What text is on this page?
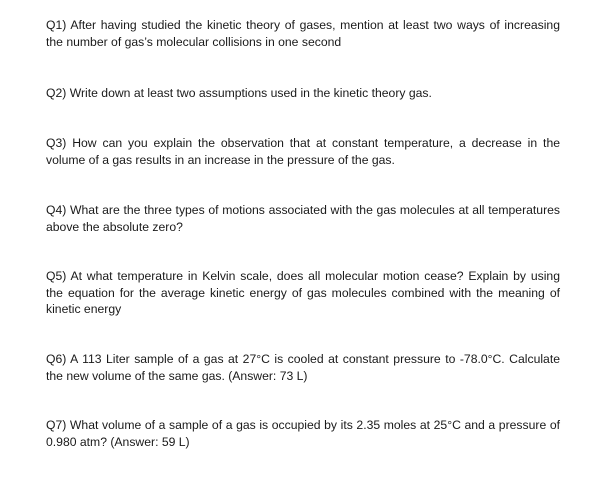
Q1) After having studied the kinetic theory of gases, mention at least two ways of increasing the number of gas’s molecular collisions in one second

Q2) Write down at least two assumptions used in the kinetic theory gas.

Q3) How can you explain the observation that at constant temperature, a decrease in the volume of a gas results in an increase in the pressure of the gas.

Q4) What are the three types of motions associated with the gas molecules at all temperatures above the absolute zero?

Q5) At what temperature in Kelvin scale, does all molecular motion cease? Explain by using the equation for the average kinetic energy of gas molecules combined with the meaning of kinetic energy

Q6) A 113 Liter sample of a gas at 27°C is cooled at constant pressure to -78.0°C. Calculate the new volume of the same gas. (Answer: 73 L)

Q7) What volume of a sample of a gas is occupied by its 2.35 moles at 25°C and a pressure of 0.980 atm? (Answer: 59 L)
